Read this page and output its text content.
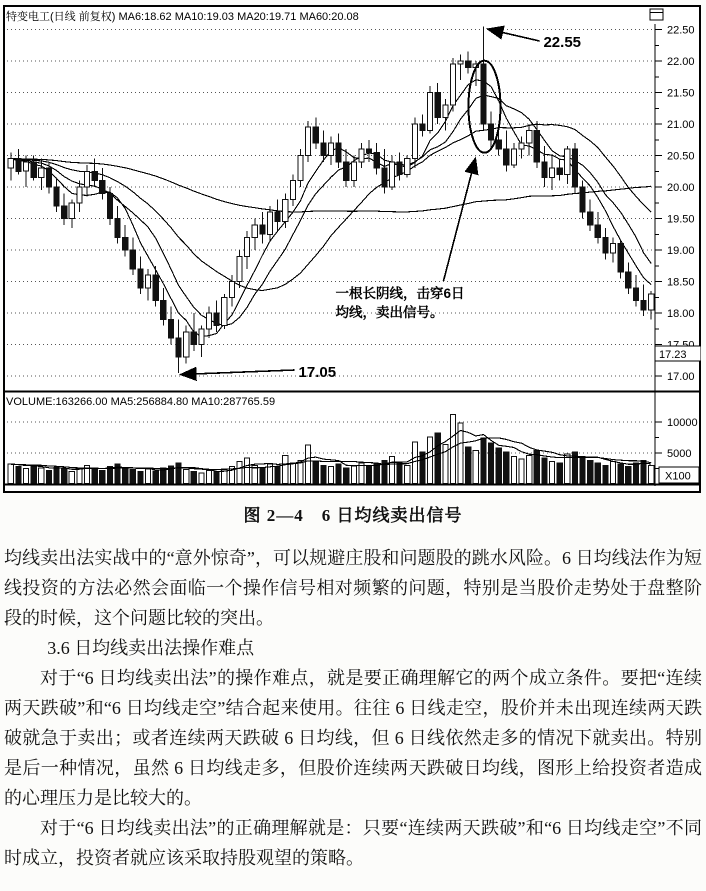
特变电工(日线 前复权) MA6:18.62 MA10:19.03 MA20:19.71 MA60:20.08
17.00
18.00
18.50
19.00
19.50
20.00
20.50
21.00
21.50
22.00
22.50
22.55
17.05
一根长阴线，击穿6日
均线，卖出信号。
17.23
VOLUME:163266.00 MA5:256884.80 MA10:287765.59
10000
5000
X100
图 2—4　6 日均线卖出信号

均线卖出法实战中的“意外惊奇”，可以规避庄股和问题股的跳水风险。6 日均线法作为短线投资的方法必然会面临一个操作信号相对频繁的问题，特别是当股价走势处于盘整阶段的时候，这个问题比较的突出。

3.6 日均线卖出法操作难点

对于“6 日均线卖出法”的操作难点，就是要正确理解它的两个成立条件。要把“连续两天跌破”和“6 日均线走空”结合起来使用。往往 6 日线走空，股价并未出现连续两天跌破就急于卖出；或者连续两天跌破 6 日均线，但 6 日线依然走多的情况下就卖出。特别是后一种情况，虽然 6 日均线走多，但股价连续两天跌破日均线，图形上给投资者造成的心理压力是比较大的。

对于“6 日均线卖出法”的正确理解就是：只要“连续两天跌破”和“6 日均线走空”不同时成立，投资者就应该采取持股观望的策略。
